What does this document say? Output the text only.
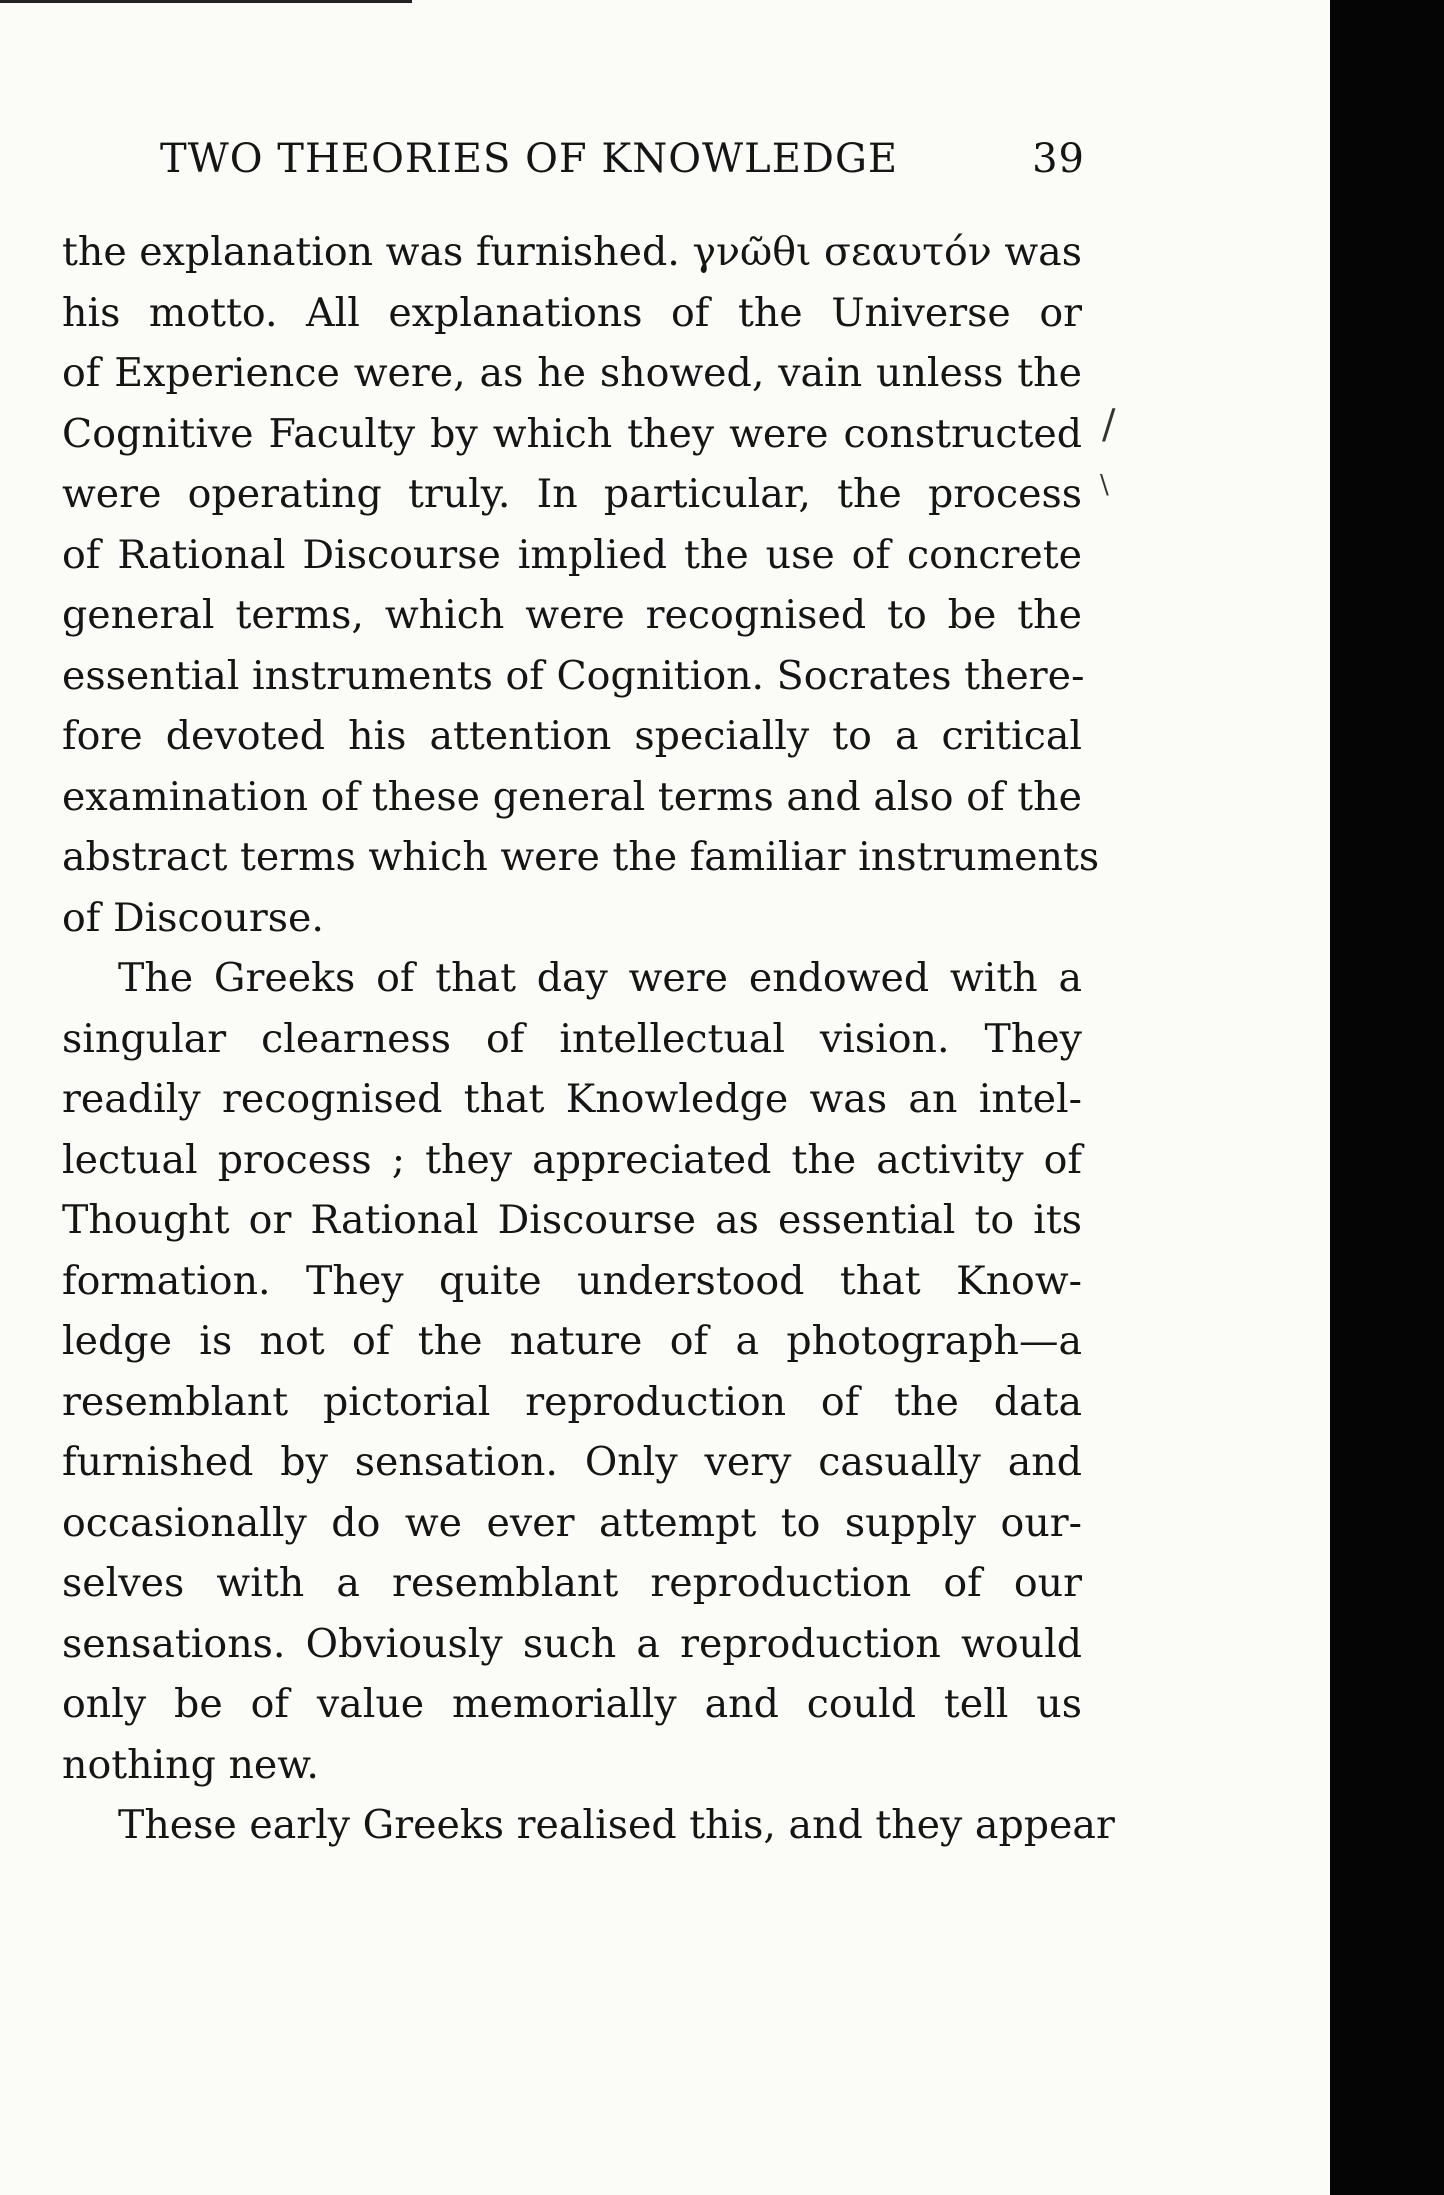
TWO THEORIES OF KNOWLEDGE	39

the explanation was furnished. γνῶθι σεαυτόν was
his motto. All explanations of the Universe or
of Experience were, as he showed, vain unless the
Cognitive Faculty by which they were constructed
were operating truly. In particular, the process
of Rational Discourse implied the use of concrete
general terms, which were recognised to be the
essential instruments of Cognition. Socrates there-
fore devoted his attention specially to a critical
examination of these general terms and also of the
abstract terms which were the familiar instruments
of Discourse.

The Greeks of that day were endowed with a
singular clearness of intellectual vision. They
readily recognised that Knowledge was an intel-
lectual process ; they appreciated the activity of
Thought or Rational Discourse as essential to its
formation. They quite understood that Know-
ledge is not of the nature of a photograph—a
resemblant pictorial reproduction of the data
furnished by sensation. Only very casually and
occasionally do we ever attempt to supply our-
selves with a resemblant reproduction of our
sensations. Obviously such a reproduction would
only be of value memorially and could tell us
nothing new.

These early Greeks realised this, and they appear

/
\
